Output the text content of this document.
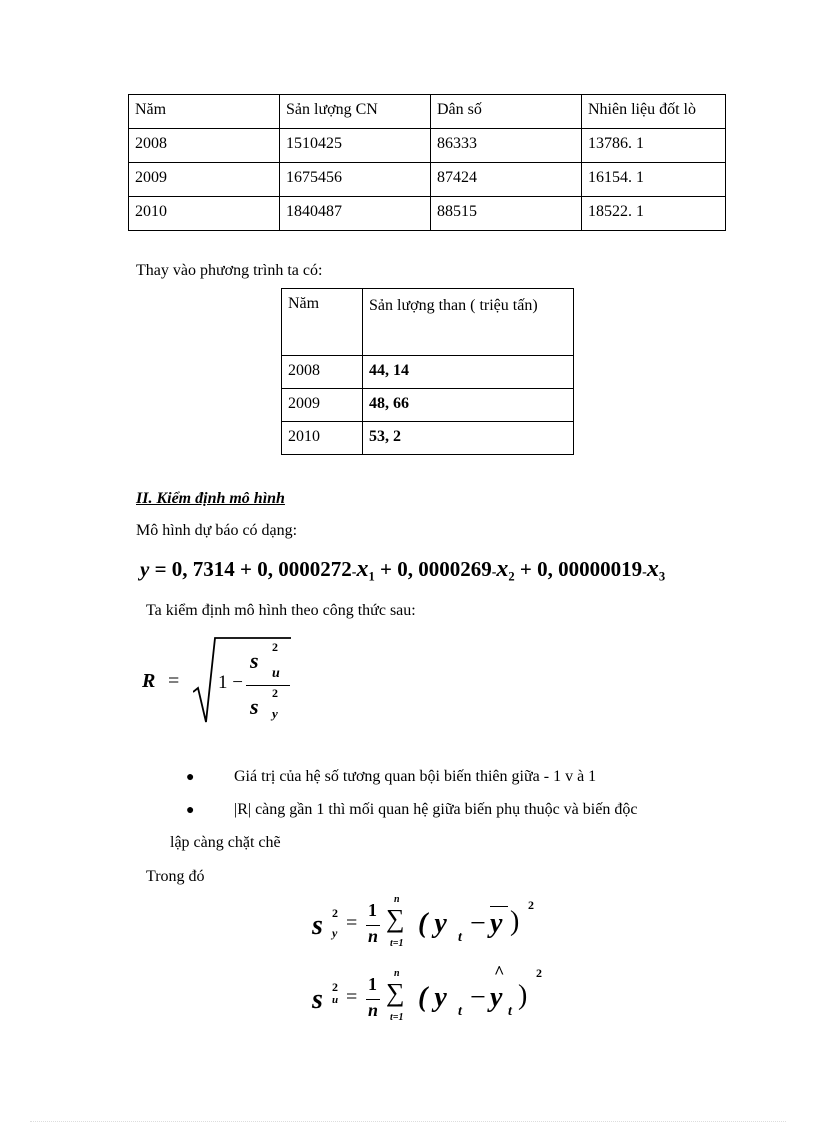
Năm	Sản lượng CN	Dân số	Nhiên liệu đốt lò
2008	1510425	86333	13786. 1
2009	1675456	87424	16154. 1
2010	1840487	88515	18522. 1
Thay vào phương trình ta có:
Năm	Sản lượng than ( triệu tấn)
2008	44, 14
2009	48, 66
2010	53, 2
II. Kiểm định mô hình
Mô hình dự báo có dạng:
y = 0, 7314 + 0, $0000272-x_1 + 0$, $0000269-x_2 + 0$, $00000019-x_3$
Ta kiểm định mô hình theo công thức sau:
R = 1 −
s
2
u
s
2
y
● Giá trị của hệ số tương quan bội biến thiên giữa - 1 v à 1
● |R| càng gần 1 thì mối quan hệ giữa biến phụ thuộc và biến độc
lập càng chặt chẽ
Trong đó
s 2
y =
1
n
n
∑
t=1
( y t − y )
2
s 2
u =
1
n
n
∑
t=1
( y t −
^
y t
)
2
